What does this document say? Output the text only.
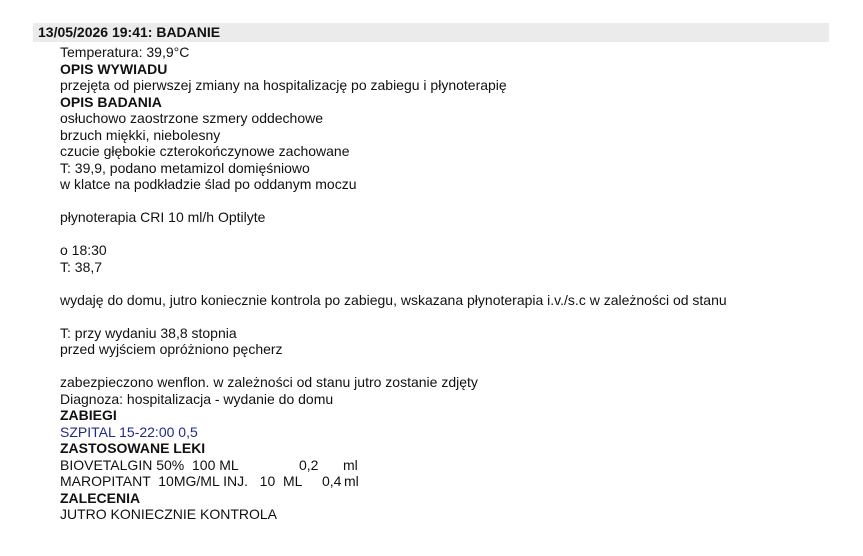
13/05/2026 19:41: BADANIE
Temperatura: 39,9°C
OPIS WYWIADU
przejęta od pierwszej zmiany na hospitalizację po zabiegu i płynoterapię
OPIS BADANIA
osłuchowo zaostrzone szmery oddechowe
brzuch miękki, niebolesny
czucie głębokie czterokończynowe zachowane
T: 39,9, podano metamizol domięśniowo
w klatce na podkładzie ślad po oddanym moczu
płynoterapia CRI 10 ml/h Optilyte
o 18:30
T: 38,7
wydaję do domu, jutro koniecznie kontrola po zabiegu, wskazana płynoterapia i.v./s.c w zależności od stanu
T: przy wydaniu 38,8 stopnia
przed wyjściem opróżniono pęcherz
zabezpieczono wenflon. w zależności od stanu jutro zostanie zdjęty
Diagnoza: hospitalizacja - wydanie do domu
ZABIEGI
SZPITAL 15-22:00 0,5
ZASTOSOWANE LEKI

BIOVETALGIN 50%  100 ML

	0,2

ml

MAROPITANT  10MG/ML INJ.   10  ML

0,4

ml

ZALECENIA
JUTRO KONIECZNIE KONTROLA
